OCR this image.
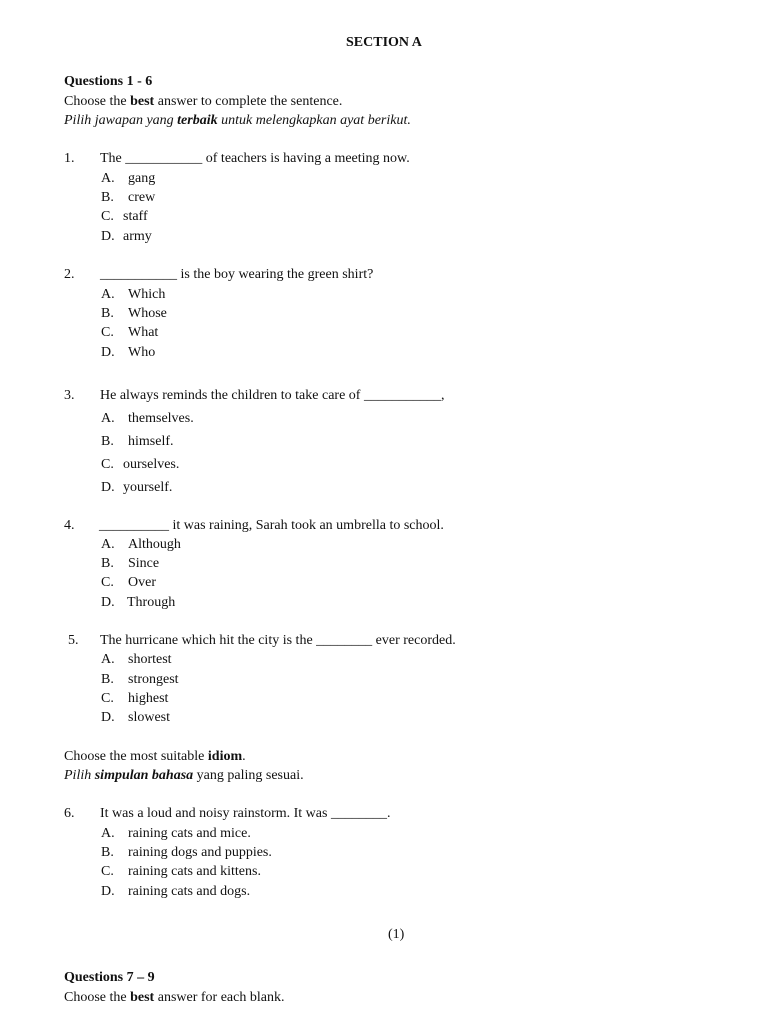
SECTION A
Questions 1 - 6
Choose the best answer to complete the sentence.
Pilih jawapan yang terbaik untuk melengkapkan ayat berikut.
1. The ___________ of teachers is having a meeting now.
A. gang
B. crew
C. staff
D. army
2. ___________ is the boy wearing the green shirt?
A. Which
B. Whose
C. What
D. Who
3. He always reminds the children to take care of ___________,
A. themselves.
B. himself.
C. ourselves.
D. yourself.
4. __________ it was raining, Sarah took an umbrella to school.
A. Although
B. Since
C. Over
D. Through
5. The hurricane which hit the city is the ________ ever recorded.
A. shortest
B. strongest
C. highest
D. slowest
Choose the most suitable idiom.
Pilih simpulan bahasa yang paling sesuai.
6. It was a loud and noisy rainstorm. It was ________.
A. raining cats and mice.
B. raining dogs and puppies.
C. raining cats and kittens.
D. raining cats and dogs.
(1)
Questions 7 – 9
Choose the best answer for each blank.
